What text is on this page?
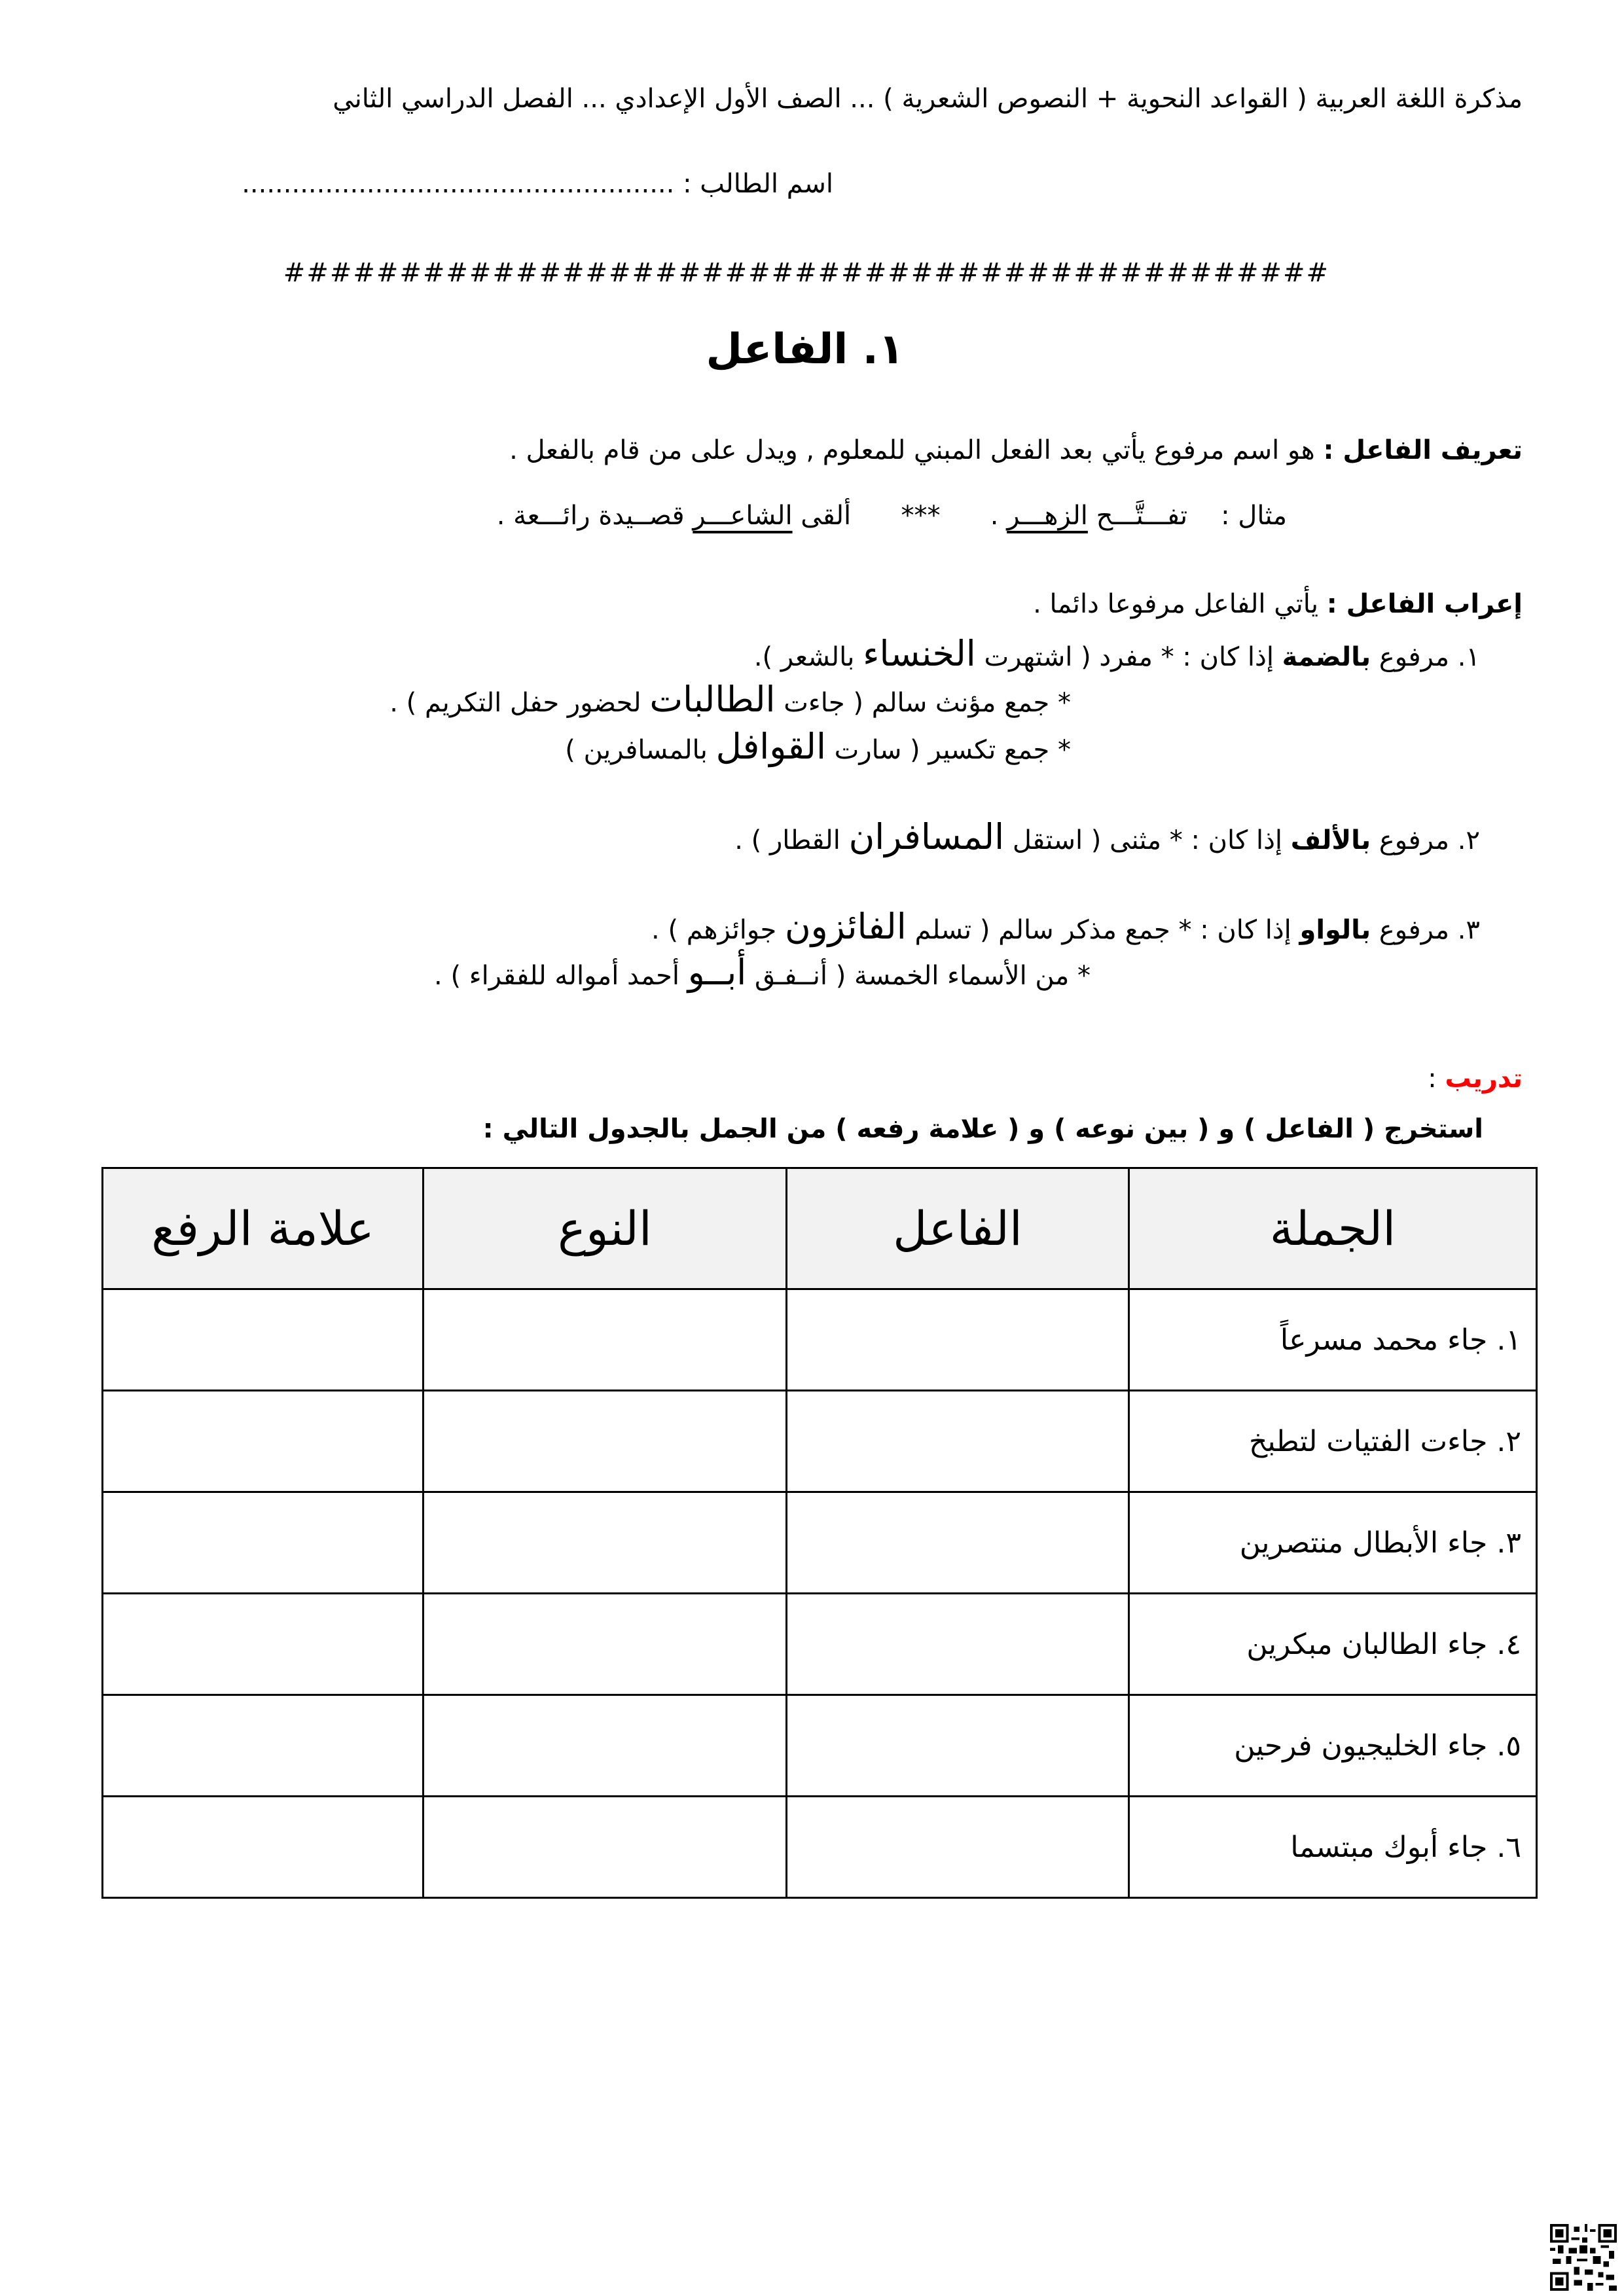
مذكرة اللغة العربية ( القواعد النحوية + النصوص الشعرية ) ... الصف الأول الإعدادي ... الفصل الدراسي الثاني
اسم الطالب : ....................................................
#############################################
١. الفاعل
تعريف الفاعل : هو اسم مرفوع يأتي بعد الفعل المبني للمعلوم , ويدل على من قام بالفعل .
مثال :    تفـــتَّـــح الزهـــر .      ***      ألقى الشاعـــر قصــيدة رائـــعة .
إعراب الفاعل : يأتي الفاعل مرفوعا دائما .
١. مرفوع بالضمة إذا كان : * مفرد ( اشتهرت الخنساء بالشعر ).
* جمع مؤنث سالم ( جاءت الطالبات لحضور حفل التكريم ) .
* جمع تكسير ( سارت القوافل بالمسافرين )
٢. مرفوع بالألف إذا كان : * مثنى ( استقل المسافران القطار ) .
٣. مرفوع بالواو إذا كان : * جمع مذكر سالم ( تسلم الفائزون جوائزهم ) .
* من الأسماء الخمسة ( أنــفـق أبــو أحمد أمواله للفقراء ) .
تدريب :
استخرج ( الفاعل ) و ( بين نوعه ) و ( علامة رفعه ) من الجمل بالجدول التالي :
الجملة	الفاعل	النوع	علامة الرفع
١. جاء محمد مسرعاً			
٢. جاءت الفتيات لتطبخ			
٣. جاء الأبطال منتصرين			
٤. جاء الطالبان مبكرين			
٥. جاء الخليجيون فرحين			
٦. جاء أبوك مبتسما			
